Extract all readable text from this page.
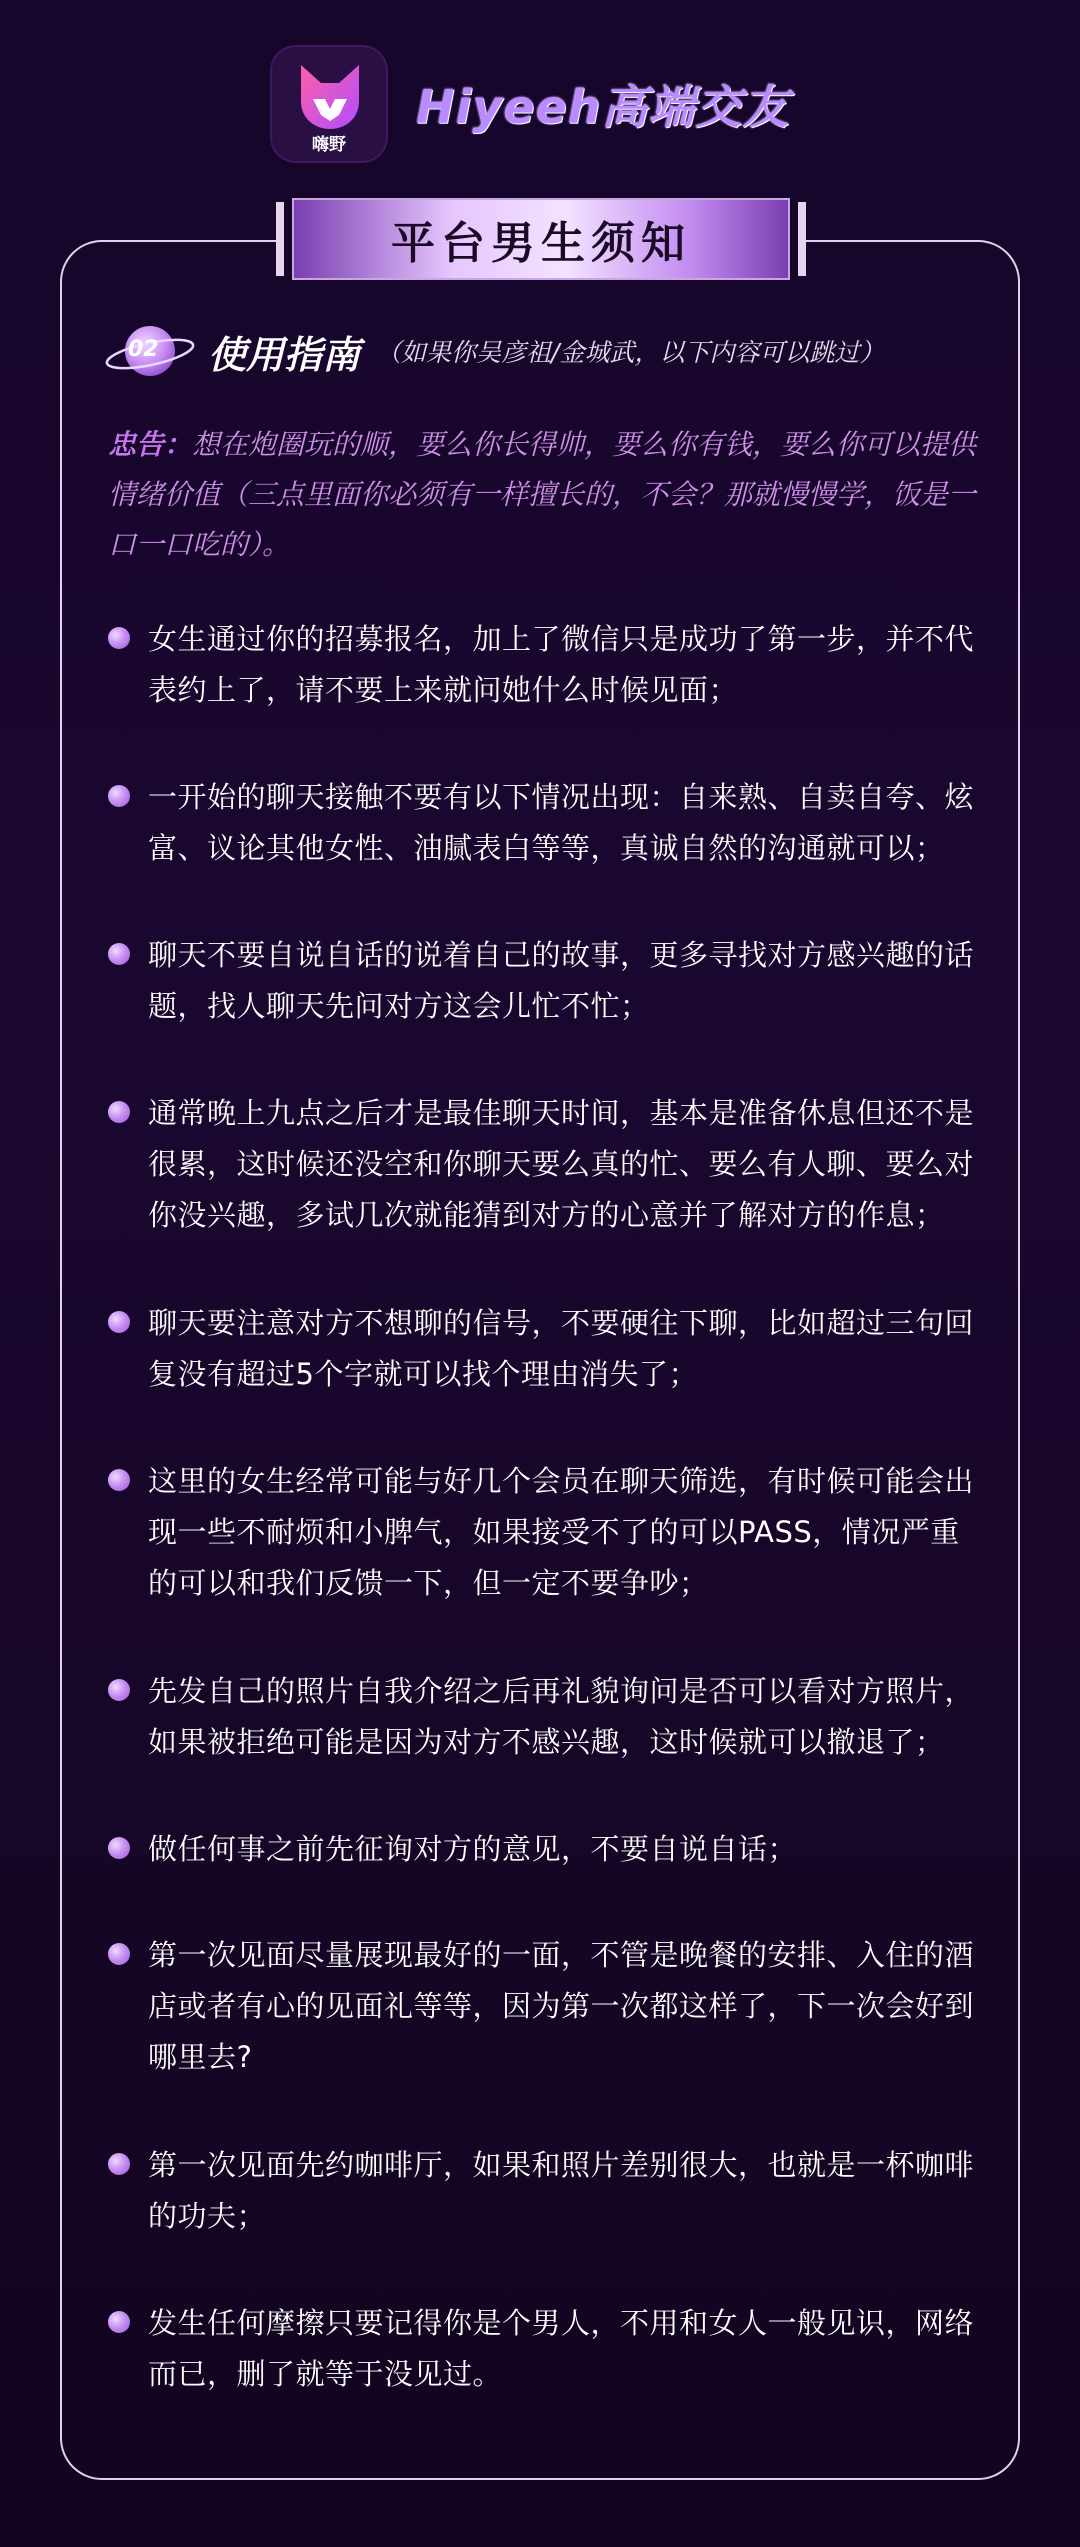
嗨野
Hiyeeh高端交友
平台男生须知
02 使用指南 （如果你吴彦祖/金城武，以下内容可以跳过）
忠告：想在炮圈玩的顺，要么你长得帅，要么你有钱，要么你可以提供情绪价值（三点里面你必须有一样擅长的，不会？那就慢慢学，饭是一口一口吃的）。
女生通过你的招募报名，加上了微信只是成功了第一步，并不代表约上了，请不要上来就问她什么时候见面；
一开始的聊天接触不要有以下情况出现：自来熟、自卖自夸、炫富、议论其他女性、油腻表白等等，真诚自然的沟通就可以；
聊天不要自说自话的说着自己的故事，更多寻找对方感兴趣的话题，找人聊天先问对方这会儿忙不忙；
通常晚上九点之后才是最佳聊天时间，基本是准备休息但还不是很累，这时候还没空和你聊天要么真的忙、要么有人聊、要么对你没兴趣，多试几次就能猜到对方的心意并了解对方的作息；
聊天要注意对方不想聊的信号，不要硬往下聊，比如超过三句回复没有超过5个字就可以找个理由消失了；
这里的女生经常可能与好几个会员在聊天筛选，有时候可能会出现一些不耐烦和小脾气，如果接受不了的可以PASS，情况严重的可以和我们反馈一下，但一定不要争吵；
先发自己的照片自我介绍之后再礼貌询问是否可以看对方照片，如果被拒绝可能是因为对方不感兴趣，这时候就可以撤退了；
做任何事之前先征询对方的意见，不要自说自话；
第一次见面尽量展现最好的一面，不管是晚餐的安排、入住的酒店或者有心的见面礼等等，因为第一次都这样了，下一次会好到哪里去?
第一次见面先约咖啡厅，如果和照片差别很大，也就是一杯咖啡的功夫；
发生任何摩擦只要记得你是个男人，不用和女人一般见识，网络而已，删了就等于没见过。
